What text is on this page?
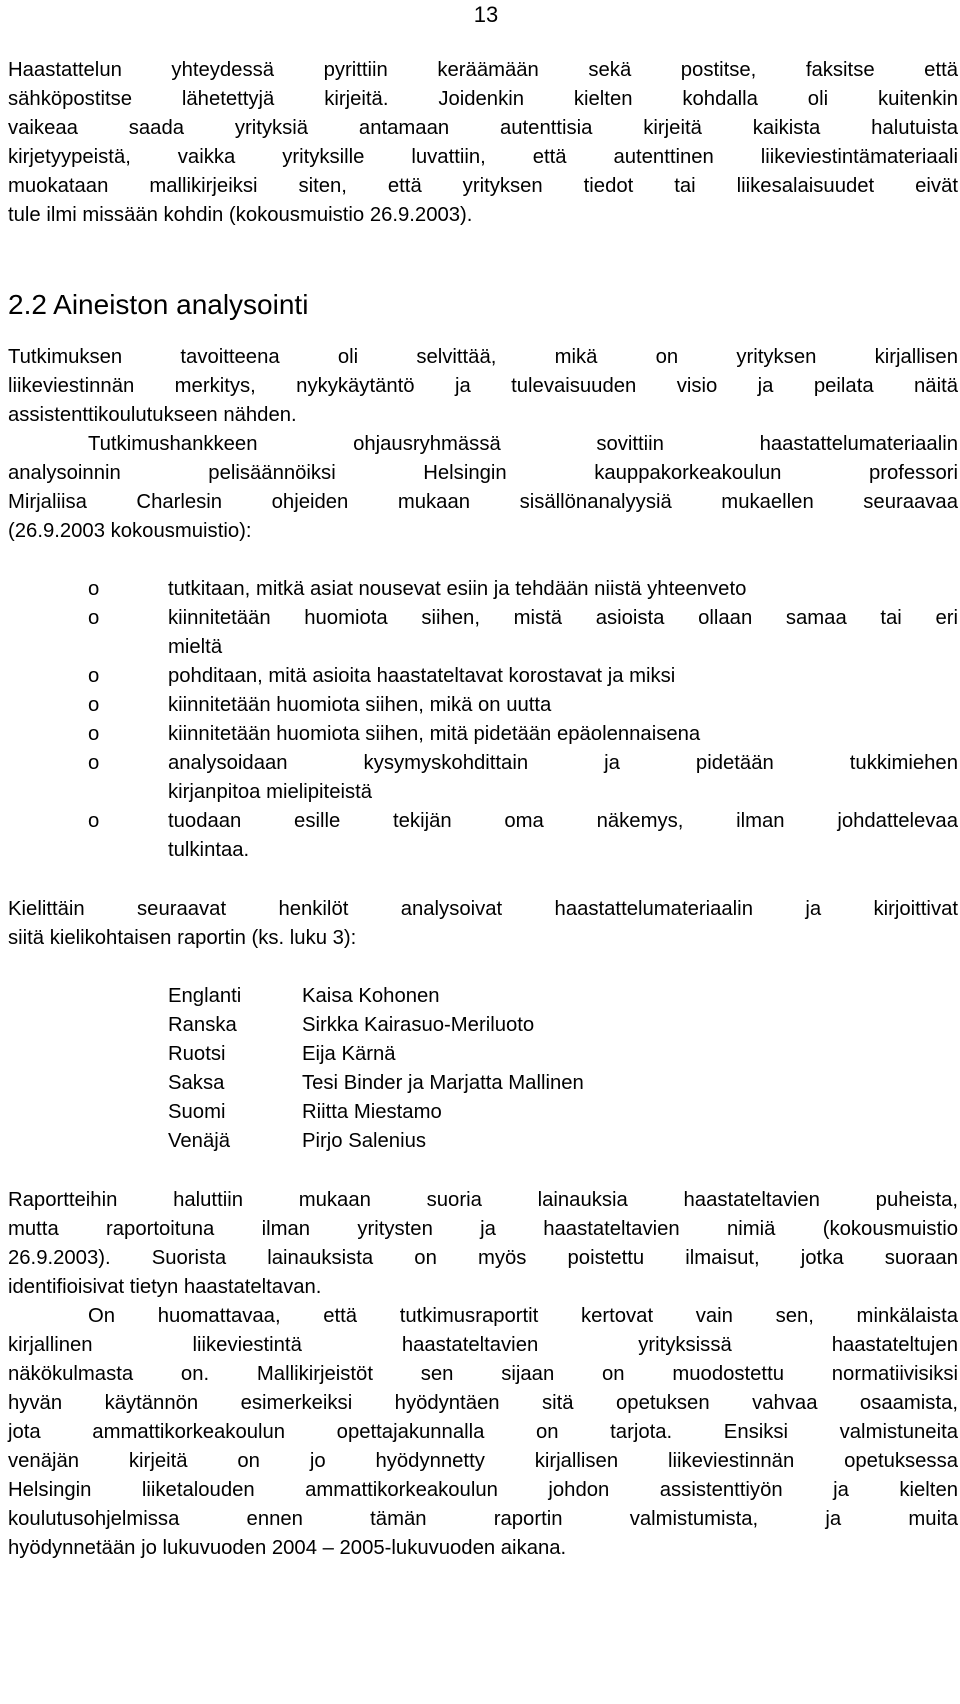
13
Haastattelun yhteydessä pyrittiin keräämään sekä postitse, faksitse että
sähköpostitse lähetettyjä kirjeitä. Joidenkin kielten kohdalla oli kuitenkin
vaikeaa saada yrityksiä antamaan autenttisia kirjeitä kaikista halutuista
kirjetyypeistä, vaikka yrityksille luvattiin, että autenttinen liikeviestintämateriaali
muokataan mallikirjeiksi siten, että yrityksen tiedot tai liikesalaisuudet eivät
tule ilmi missään kohdin (kokousmuistio 26.9.2003).
2.2 Aineiston analysointi
Tutkimuksen tavoitteena oli selvittää, mikä on yrityksen kirjallisen
liikeviestinnän merkitys, nykykäytäntö ja tulevaisuuden visio ja peilata näitä
assistenttikoulutukseen nähden.
Tutkimushankkeen ohjausryhmässä sovittiin haastattelumateriaalin
analysoinnin pelisäännöiksi Helsingin kauppakorkeakoulun professori
Mirjaliisa Charlesin ohjeiden mukaan sisällönanalyysiä mukaellen seuraavaa
(26.9.2003 kokousmuistio):
o	tutkitaan, mitkä asiat nousevat esiin ja tehdään niistä yhteenveto
o	kiinnitetään huomiota siihen, mistä asioista ollaan samaa tai eri
mieltä
o	pohditaan, mitä asioita haastateltavat korostavat ja miksi
o	kiinnitetään huomiota siihen, mikä on uutta
o	kiinnitetään huomiota siihen, mitä pidetään epäolennaisena
o	analysoidaan kysymyskohdittain ja pidetään tukkimiehen
kirjanpitoa mielipiteistä
o	tuodaan esille tekijän oma näkemys, ilman johdattelevaa
tulkintaa.
Kielittäin seuraavat henkilöt analysoivat haastattelumateriaalin ja kirjoittivat
siitä kielikohtaisen raportin (ks. luku 3):
Englanti	Kaisa Kohonen
Ranska	Sirkka Kairasuo-Meriluoto
Ruotsi	Eija Kärnä
Saksa	Tesi Binder ja Marjatta Mallinen
Suomi	Riitta Miestamo
Venäjä	Pirjo Salenius
Raportteihin haluttiin mukaan suoria lainauksia haastateltavien puheista,
mutta raportoituna ilman yritysten ja haastateltavien nimiä (kokousmuistio
26.9.2003). Suorista lainauksista on myös poistettu ilmaisut, jotka suoraan
identifioisivat tietyn haastateltavan.
On huomattavaa, että tutkimusraportit kertovat vain sen, minkälaista
kirjallinen liikeviestintä haastateltavien yrityksissä haastateltujen
näkökulmasta on. Mallikirjeistöt sen sijaan on muodostettu normatiivisiksi
hyvän käytännön esimerkeiksi hyödyntäen sitä opetuksen vahvaa osaamista,
jota ammattikorkeakoulun opettajakunnalla on tarjota. Ensiksi valmistuneita
venäjän kirjeitä on jo hyödynnetty kirjallisen liikeviestinnän opetuksessa
Helsingin liiketalouden ammattikorkeakoulun johdon assistenttiyön ja kielten
koulutusohjelmissa ennen tämän raportin valmistumista, ja muita
hyödynnetään jo lukuvuoden 2004 – 2005-lukuvuoden aikana.
